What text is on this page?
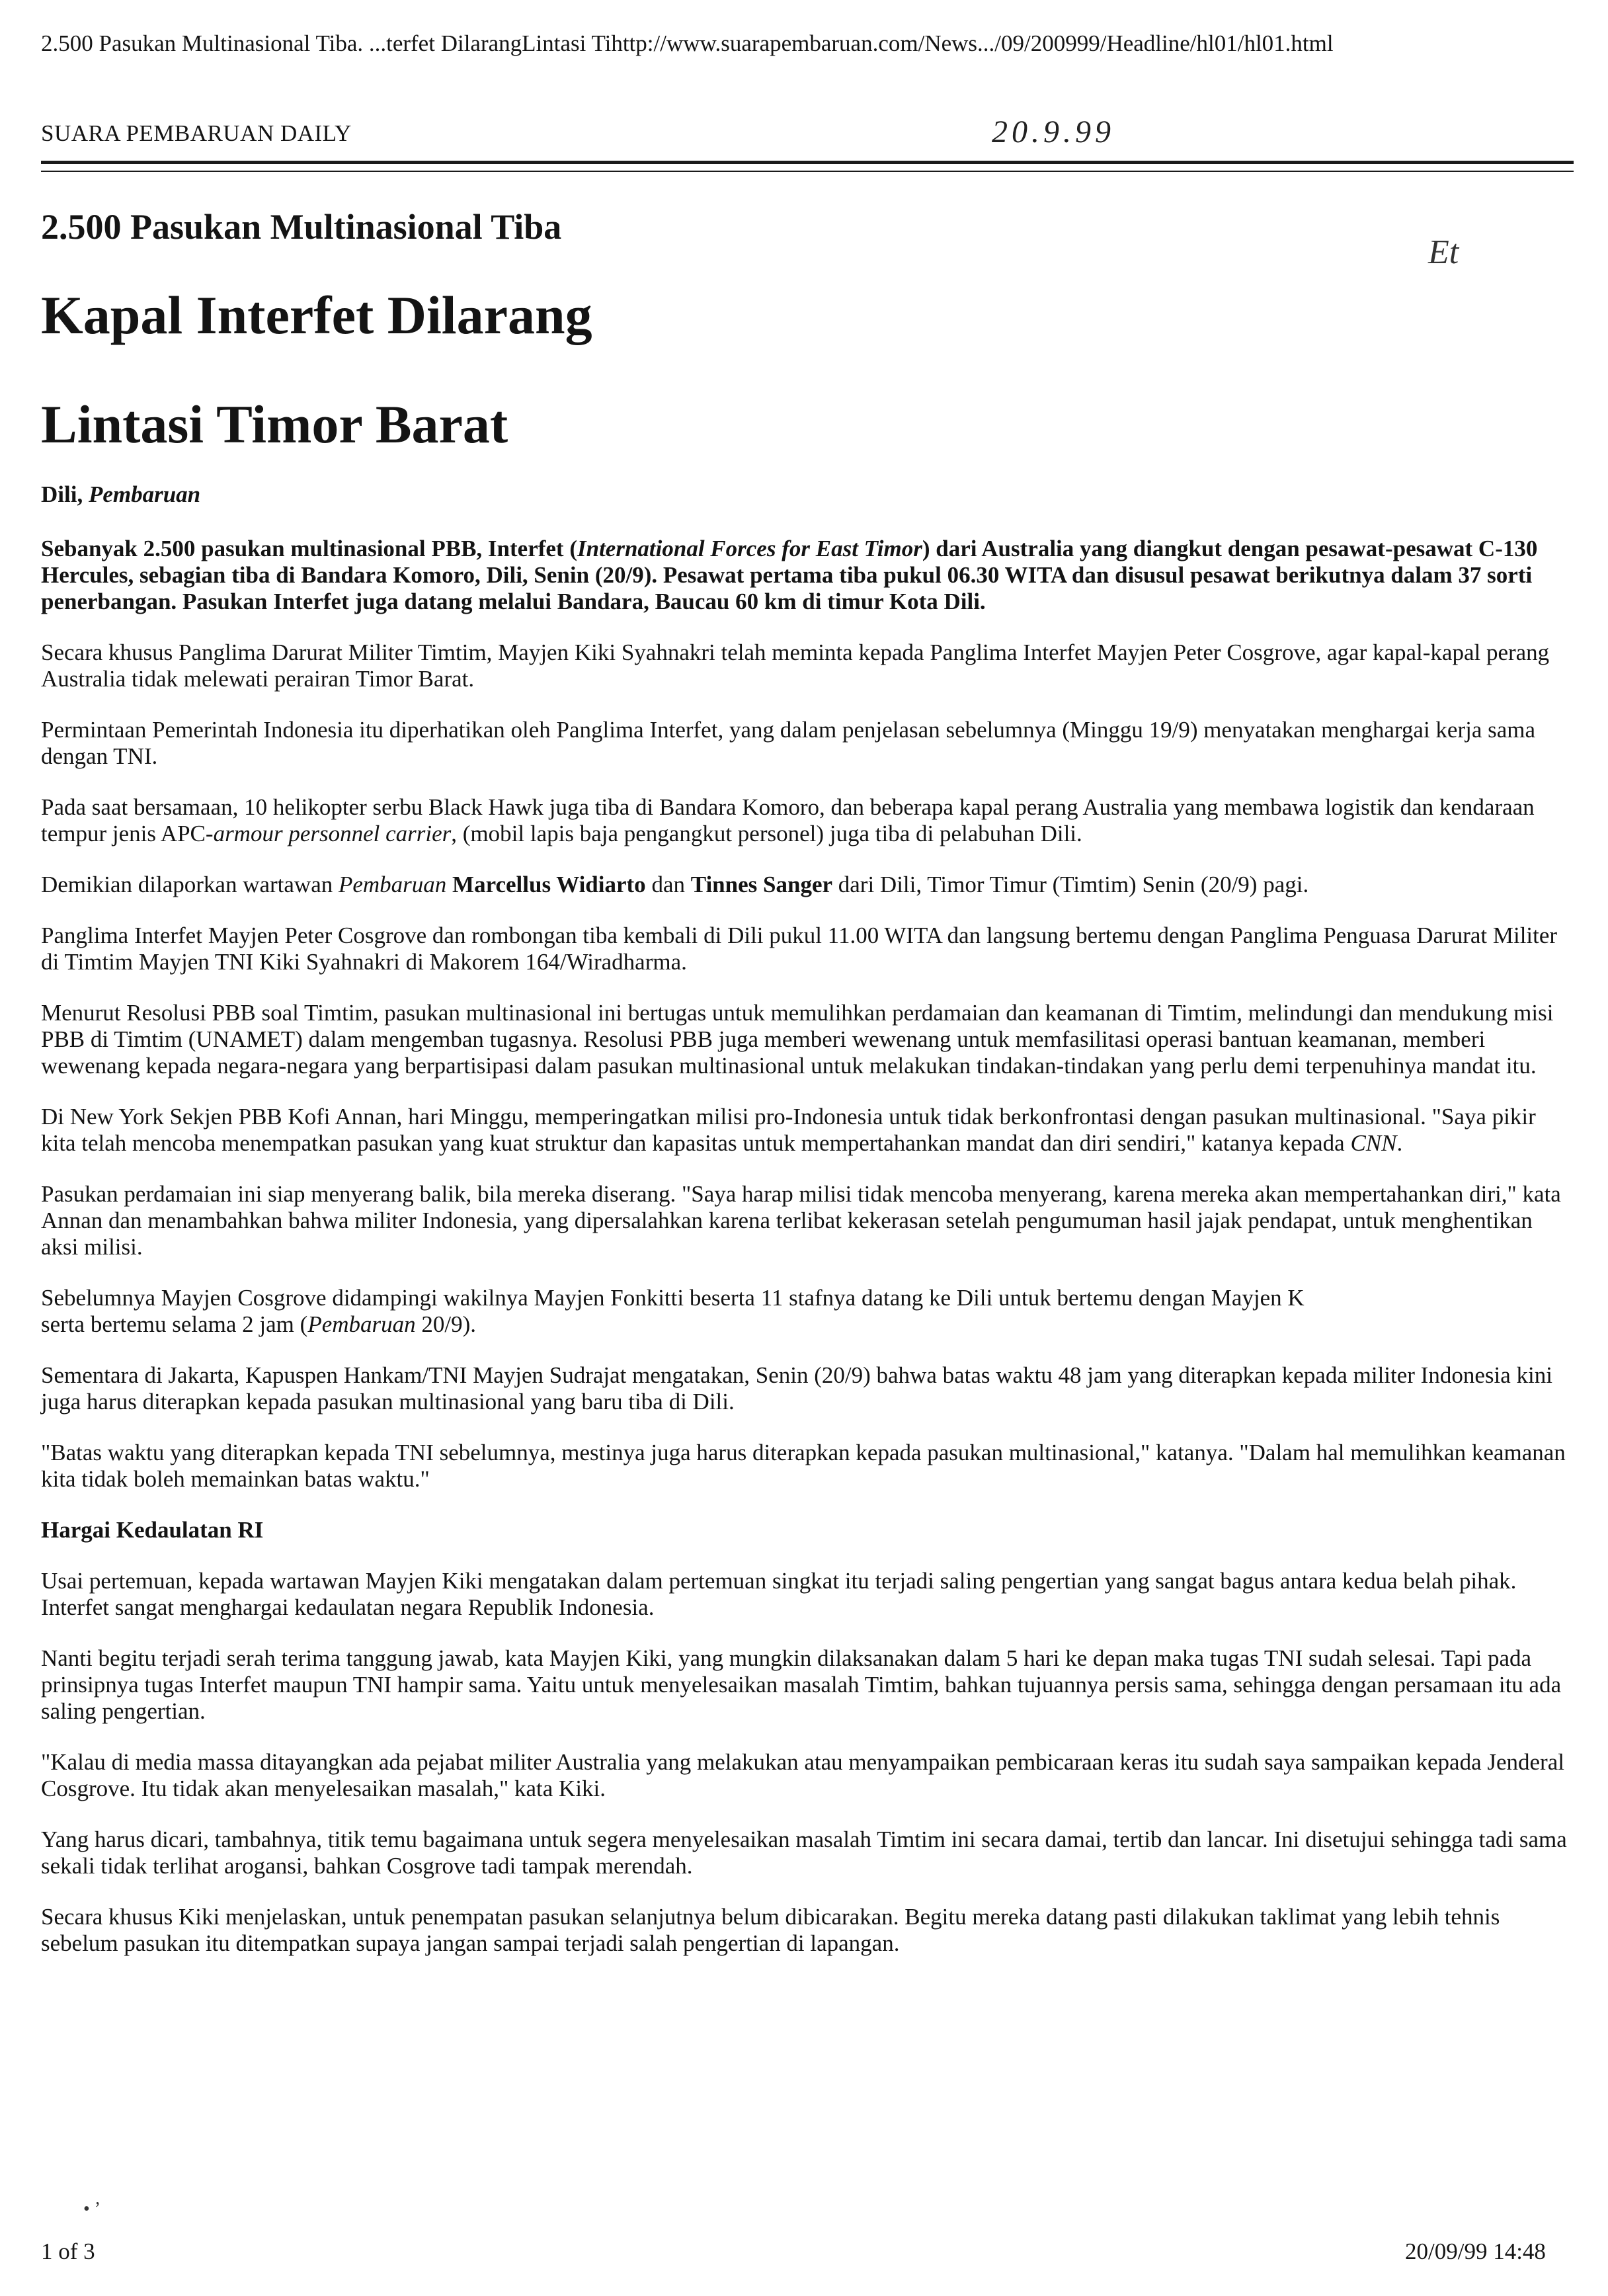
2.500 Pasukan Multinasional Tiba. ...terfet DilarangLintasi Tihttp://www.suarapembaruan.com/News.../09/200999/Headline/hl01/hl01.html
SUARA PEMBARUAN DAILY	20.9.99
2.500 Pasukan Multinasional Tiba
Et
Kapal Interfet Dilarang
Lintasi Timor Barat
Dili, Pembaruan

Sebanyak 2.500 pasukan multinasional PBB, Interfet (International Forces for East Timor) dari Australia yang diangkut dengan pesawat-pesawat C-130 Hercules, sebagian tiba di Bandara Komoro, Dili, Senin (20/9). Pesawat pertama tiba pukul 06.30 WITA dan disusul pesawat berikutnya dalam 37 sorti penerbangan. Pasukan Interfet juga datang melalui Bandara, Baucau 60 km di timur Kota Dili.

Secara khusus Panglima Darurat Militer Timtim, Mayjen Kiki Syahnakri telah meminta kepada Panglima Interfet Mayjen Peter Cosgrove, agar kapal-kapal perang Australia tidak melewati perairan Timor Barat.

Permintaan Pemerintah Indonesia itu diperhatikan oleh Panglima Interfet, yang dalam penjelasan sebelumnya (Minggu 19/9) menyatakan menghargai kerja sama dengan TNI.

Pada saat bersamaan, 10 helikopter serbu Black Hawk juga tiba di Bandara Komoro, dan beberapa kapal perang Australia yang membawa logistik dan kendaraan tempur jenis APC-armour personnel carrier, (mobil lapis baja pengangkut personel) juga tiba di pelabuhan Dili.

Demikian dilaporkan wartawan Pembaruan Marcellus Widiarto dan Tinnes Sanger dari Dili, Timor Timur (Timtim) Senin (20/9) pagi.

Panglima Interfet Mayjen Peter Cosgrove dan rombongan tiba kembali di Dili pukul 11.00 WITA dan langsung bertemu dengan Panglima Penguasa Darurat Militer di Timtim Mayjen TNI Kiki Syahnakri di Makorem 164/Wiradharma.

Menurut Resolusi PBB soal Timtim, pasukan multinasional ini bertugas untuk memulihkan perdamaian dan keamanan di Timtim, melindungi dan mendukung misi PBB di Timtim (UNAMET) dalam mengemban tugasnya. Resolusi PBB juga memberi wewenang untuk memfasilitasi operasi bantuan keamanan, memberi wewenang kepada negara-negara yang berpartisipasi dalam pasukan multinasional untuk melakukan tindakan-tindakan yang perlu demi terpenuhinya mandat itu.

Di New York Sekjen PBB Kofi Annan, hari Minggu, memperingatkan milisi pro-Indonesia untuk tidak berkonfrontasi dengan pasukan multinasional. "Saya pikir kita telah mencoba menempatkan pasukan yang kuat struktur dan kapasitas untuk mempertahankan mandat dan diri sendiri," katanya kepada CNN.

Pasukan perdamaian ini siap menyerang balik, bila mereka diserang. "Saya harap milisi tidak mencoba menyerang, karena mereka akan mempertahankan diri," kata Annan dan menambahkan bahwa militer Indonesia, yang dipersalahkan karena terlibat kekerasan setelah pengumuman hasil jajak pendapat, untuk menghentikan aksi milisi.

Sebelumnya Mayjen Cosgrove didampingi wakilnya Mayjen Fonkitti beserta 11 stafnya datang ke Dili untuk bertemu dengan Mayjen K
serta bertemu selama 2 jam (Pembaruan 20/9).

Sementara di Jakarta, Kapuspen Hankam/TNI Mayjen Sudrajat mengatakan, Senin (20/9) bahwa batas waktu 48 jam yang diterapkan kepada militer Indonesia kini juga harus diterapkan kepada pasukan multinasional yang baru tiba di Dili.

"Batas waktu yang diterapkan kepada TNI sebelumnya, mestinya juga harus diterapkan kepada pasukan multinasional," katanya. "Dalam hal memulihkan keamanan kita tidak boleh memainkan batas waktu."

Hargai Kedaulatan RI

Usai pertemuan, kepada wartawan Mayjen Kiki mengatakan dalam pertemuan singkat itu terjadi saling pengertian yang sangat bagus antara kedua belah pihak. Interfet sangat menghargai kedaulatan negara Republik Indonesia.

Nanti begitu terjadi serah terima tanggung jawab, kata Mayjen Kiki, yang mungkin dilaksanakan dalam 5 hari ke depan maka tugas TNI sudah selesai. Tapi pada prinsipnya tugas Interfet maupun TNI hampir sama. Yaitu untuk menyelesaikan masalah Timtim, bahkan tujuannya persis sama, sehingga dengan persamaan itu ada saling pengertian.

"Kalau di media massa ditayangkan ada pejabat militer Australia yang melakukan atau menyampaikan pembicaraan keras itu sudah saya sampaikan kepada Jenderal Cosgrove. Itu tidak akan menyelesaikan masalah," kata Kiki.

Yang harus dicari, tambahnya, titik temu bagaimana untuk segera menyelesaikan masalah Timtim ini secara damai, tertib dan lancar. Ini disetujui sehingga tadi sama sekali tidak terlihat arogansi, bahkan Cosgrove tadi tampak merendah.

Secara khusus Kiki menjelaskan, untuk penempatan pasukan selanjutnya belum dibicarakan. Begitu mereka datang pasti dilakukan taklimat yang lebih tehnis sebelum pasukan itu ditempatkan supaya jangan sampai terjadi salah pengertian di lapangan.

• ʼ
1 of 3	20/09/99 14:48
